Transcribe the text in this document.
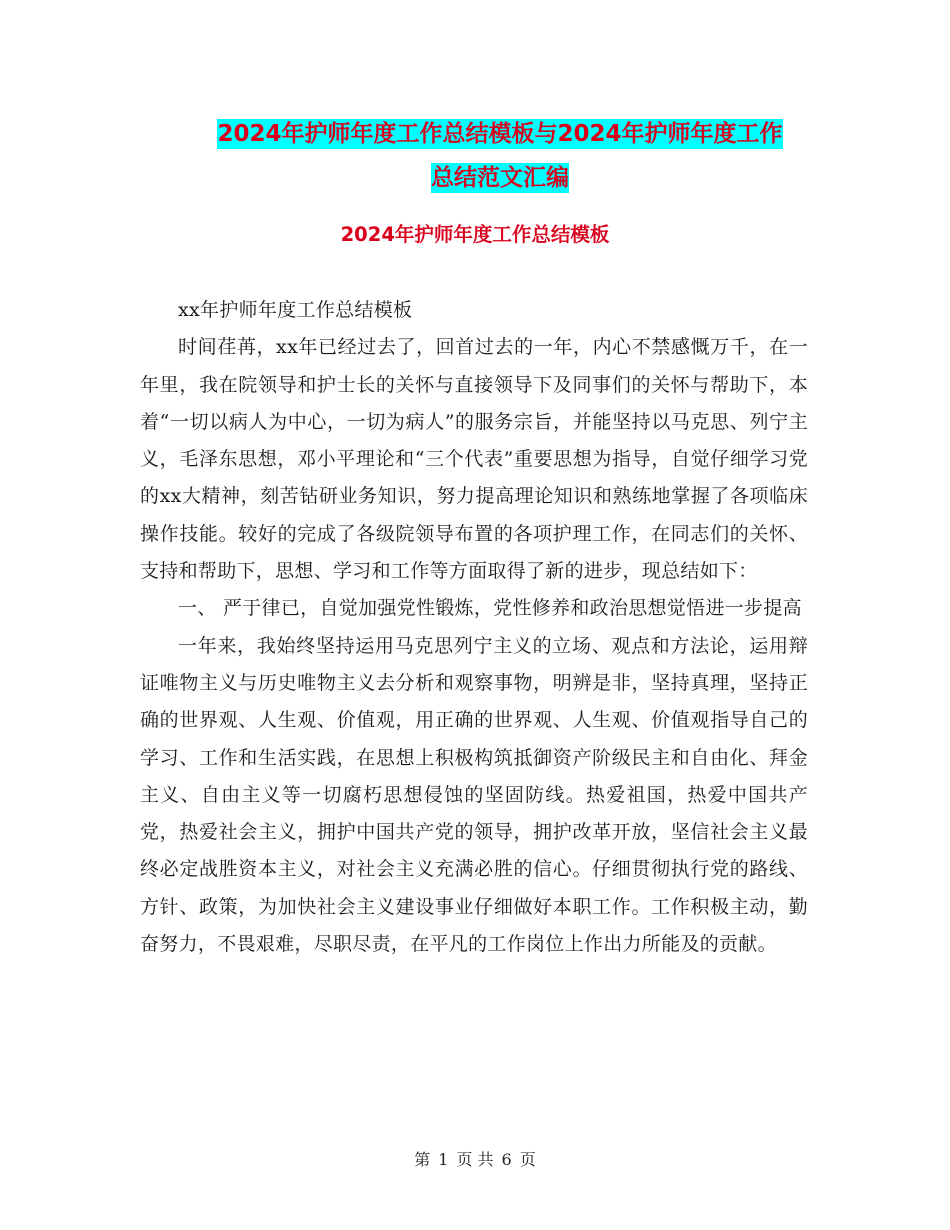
2024年护师年度工作总结模板与2024年护师年度工作
总结范文汇编
2024年护师年度工作总结模板

xx年护师年度工作总结模板

时间荏苒，xx年已经过去了，回首过去的一年，内心不禁感慨万千，在一年里，我在院领导和护士长的关怀与直接领导下及同事们的关怀与帮助下，本着“一切以病人为中心，一切为病人”的服务宗旨，并能坚持以马克思、列宁主义，毛泽东思想，邓小平理论和“三个代表”重要思想为指导，自觉仔细学习党的xx大精神，刻苦钻研业务知识，努力提高理论知识和熟练地掌握了各项临床操作技能。较好的完成了各级院领导布置的各项护理工作，在同志们的关怀、支持和帮助下，思想、学习和工作等方面取得了新的进步，现总结如下：

一、 严于律已，自觉加强党性锻炼，党性修养和政治思想觉悟进一步提高

一年来，我始终坚持运用马克思列宁主义的立场、观点和方法论，运用辩证唯物主义与历史唯物主义去分析和观察事物，明辨是非，坚持真理，坚持正确的世界观、人生观、价值观，用正确的世界观、人生观、价值观指导自己的学习、工作和生活实践，在思想上积极构筑抵御资产阶级民主和自由化、拜金主义、自由主义等一切腐朽思想侵蚀的坚固防线。热爱祖国，热爱中国共产党，热爱社会主义，拥护中国共产党的领导，拥护改革开放，坚信社会主义最终必定战胜资本主义，对社会主义充满必胜的信心。仔细贯彻执行党的路线、方针、政策，为加快社会主义建设事业仔细做好本职工作。工作积极主动，勤奋努力，不畏艰难，尽职尽责，在平凡的工作岗位上作出力所能及的贡献。

第 1 页 共 6 页
